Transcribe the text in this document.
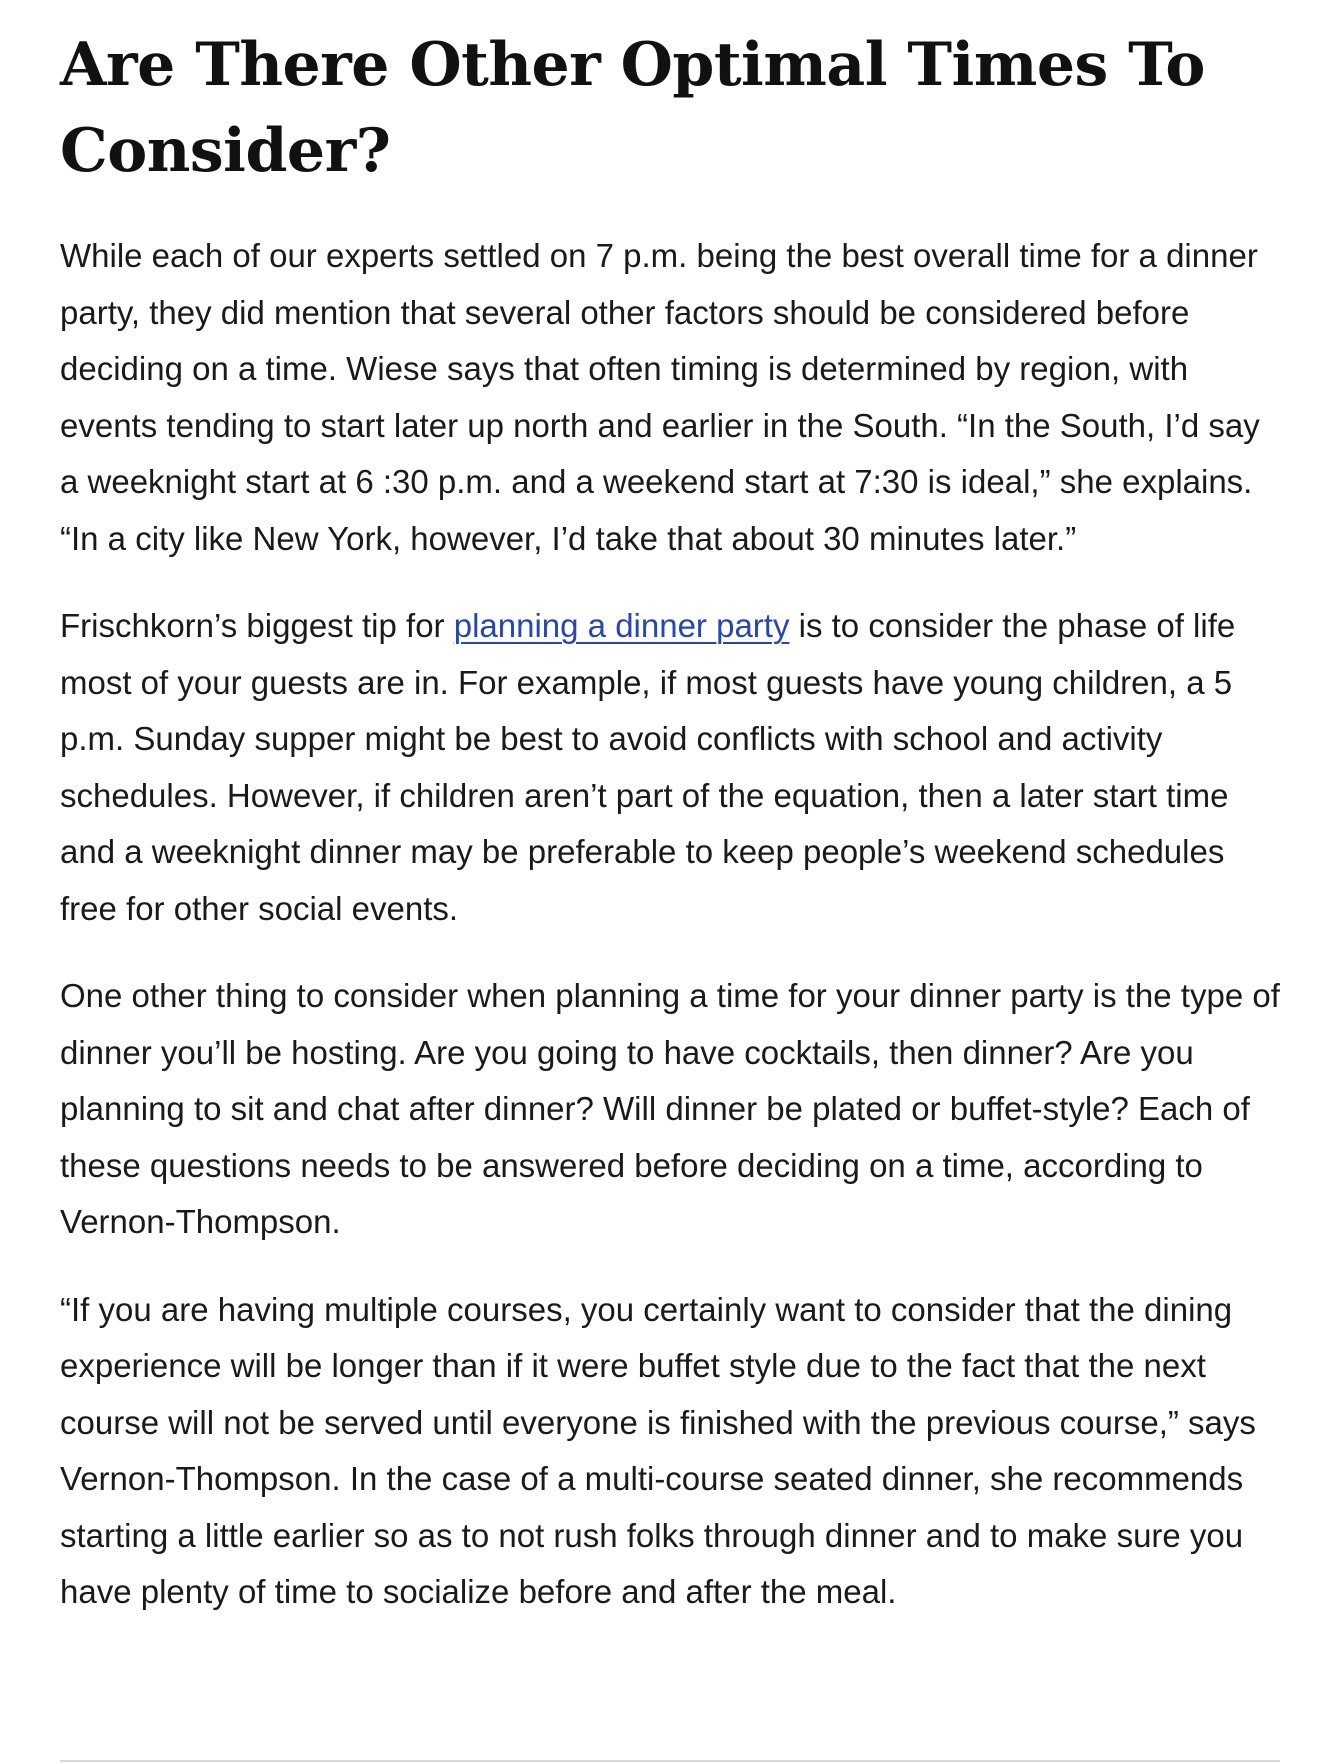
Are There Other Optimal Times To Consider?

While each of our experts settled on 7 p.m. being the best overall time for a dinner party, they did mention that several other factors should be considered before deciding on a time. Wiese says that often timing is determined by region, with events tending to start later up north and earlier in the South. “In the South, I’d say a weeknight start at 6 :30 p.m. and a weekend start at 7:30 is ideal,” she explains. “In a city like New York, however, I’d take that about 30 minutes later.”

Frischkorn’s biggest tip for planning a dinner party is to consider the phase of life most of your guests are in. For example, if most guests have young children, a 5 p.m. Sunday supper might be best to avoid conflicts with school and activity schedules. However, if children aren’t part of the equation, then a later start time and a weeknight dinner may be preferable to keep people’s weekend schedules free for other social events.

One other thing to consider when planning a time for your dinner party is the type of dinner you’ll be hosting. Are you going to have cocktails, then dinner? Are you planning to sit and chat after dinner? Will dinner be plated or buffet-style? Each of these questions needs to be answered before deciding on a time, according to Vernon-Thompson.

“If you are having multiple courses, you certainly want to consider that the dining experience will be longer than if it were buffet style due to the fact that the next course will not be served until everyone is finished with the previous course,” says Vernon-Thompson. In the case of a multi-course seated dinner, she recommends starting a little earlier so as to not rush folks through dinner and to make sure you have plenty of time to socialize before and after the meal.
